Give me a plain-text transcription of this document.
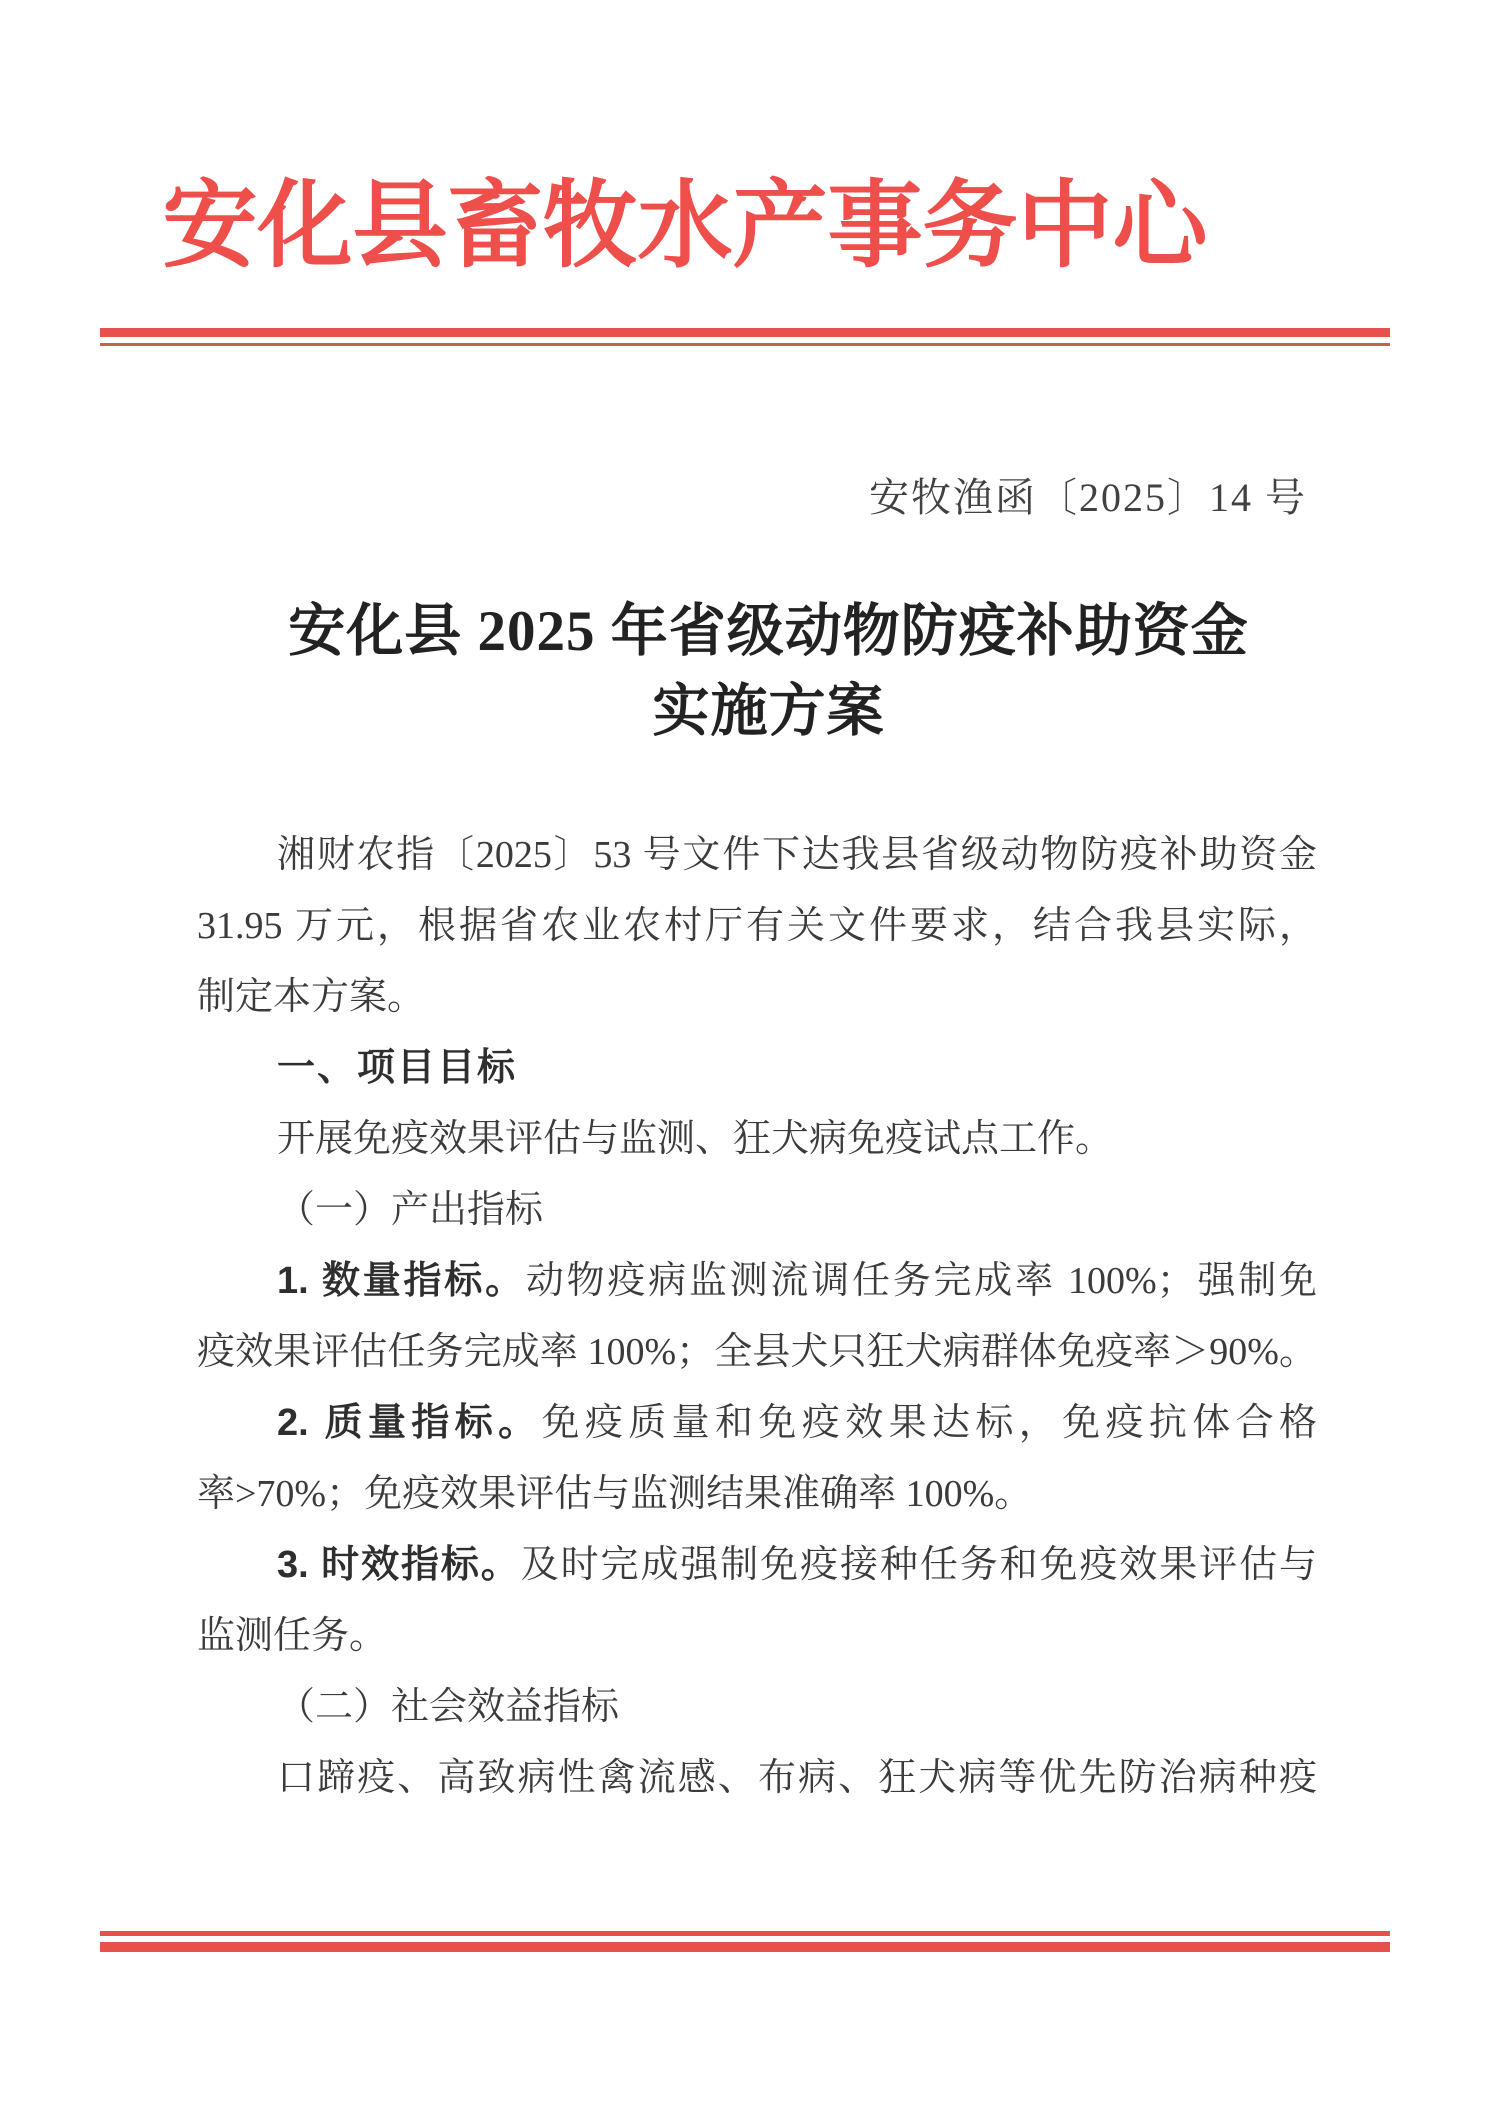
安化县畜牧水产事务中心
安牧渔函〔2025〕14 号
安化县 2025 年省级动物防疫补助资金
实施方案
湘财农指〔2025〕53 号文件下达我县省级动物防疫补助资金
31.95 万元，根据省农业农村厅有关文件要求，结合我县实际，
制定本方案。
一、项目目标
开展免疫效果评估与监测、狂犬病免疫试点工作。
（一）产出指标
1. 数量指标。动物疫病监测流调任务完成率 100%；强制免
疫效果评估任务完成率 100%；全县犬只狂犬病群体免疫率＞90%。
2. 质量指标。免疫质量和免疫效果达标，免疫抗体合格
率>70%；免疫效果评估与监测结果准确率 100%。
3. 时效指标。及时完成强制免疫接种任务和免疫效果评估与
监测任务。
（二）社会效益指标
口蹄疫、高致病性禽流感、布病、狂犬病等优先防治病种疫
